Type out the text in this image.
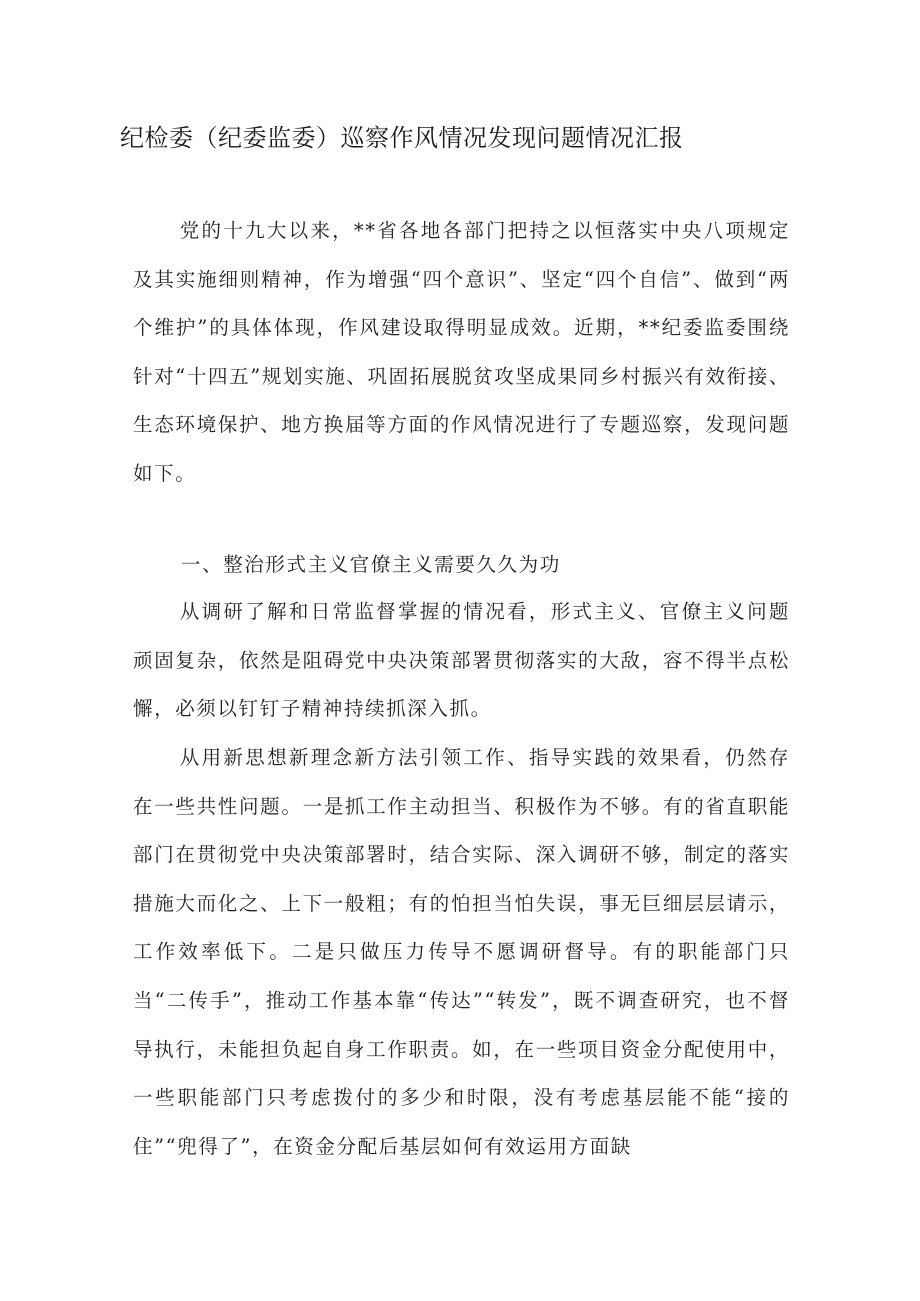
纪检委（纪委监委）巡察作风情况发现问题情况汇报

党的十九大以来，**省各地各部门把持之以恒落实中央八项规定及其实施细则精神，作为增强“四个意识”、坚定“四个自信”、做到“两个维护”的具体体现，作风建设取得明显成效。近期，**纪委监委围绕针对“十四五”规划实施、巩固拓展脱贫攻坚成果同乡村振兴有效衔接、生态环境保护、地方换届等方面的作风情况进行了专题巡察，发现问题如下。

一、整治形式主义官僚主义需要久久为功

从调研了解和日常监督掌握的情况看，形式主义、官僚主义问题顽固复杂，依然是阻碍党中央决策部署贯彻落实的大敌，容不得半点松懈，必须以钉钉子精神持续抓深入抓。

从用新思想新理念新方法引领工作、指导实践的效果看，仍然存在一些共性问题。一是抓工作主动担当、积极作为不够。有的省直职能部门在贯彻党中央决策部署时，结合实际、深入调研不够，制定的落实措施大而化之、上下一般粗；有的怕担当怕失误，事无巨细层层请示，工作效率低下。二是只做压力传导不愿调研督导。有的职能部门只当“二传手”，推动工作基本靠“传达”“转发”，既不调查研究，也不督导执行，未能担负起自身工作职责。如，在一些项目资金分配使用中，一些职能部门只考虑拨付的多少和时限，没有考虑基层能不能“接的住”“兜得了”，在资金分配后基层如何有效运用方面缺
